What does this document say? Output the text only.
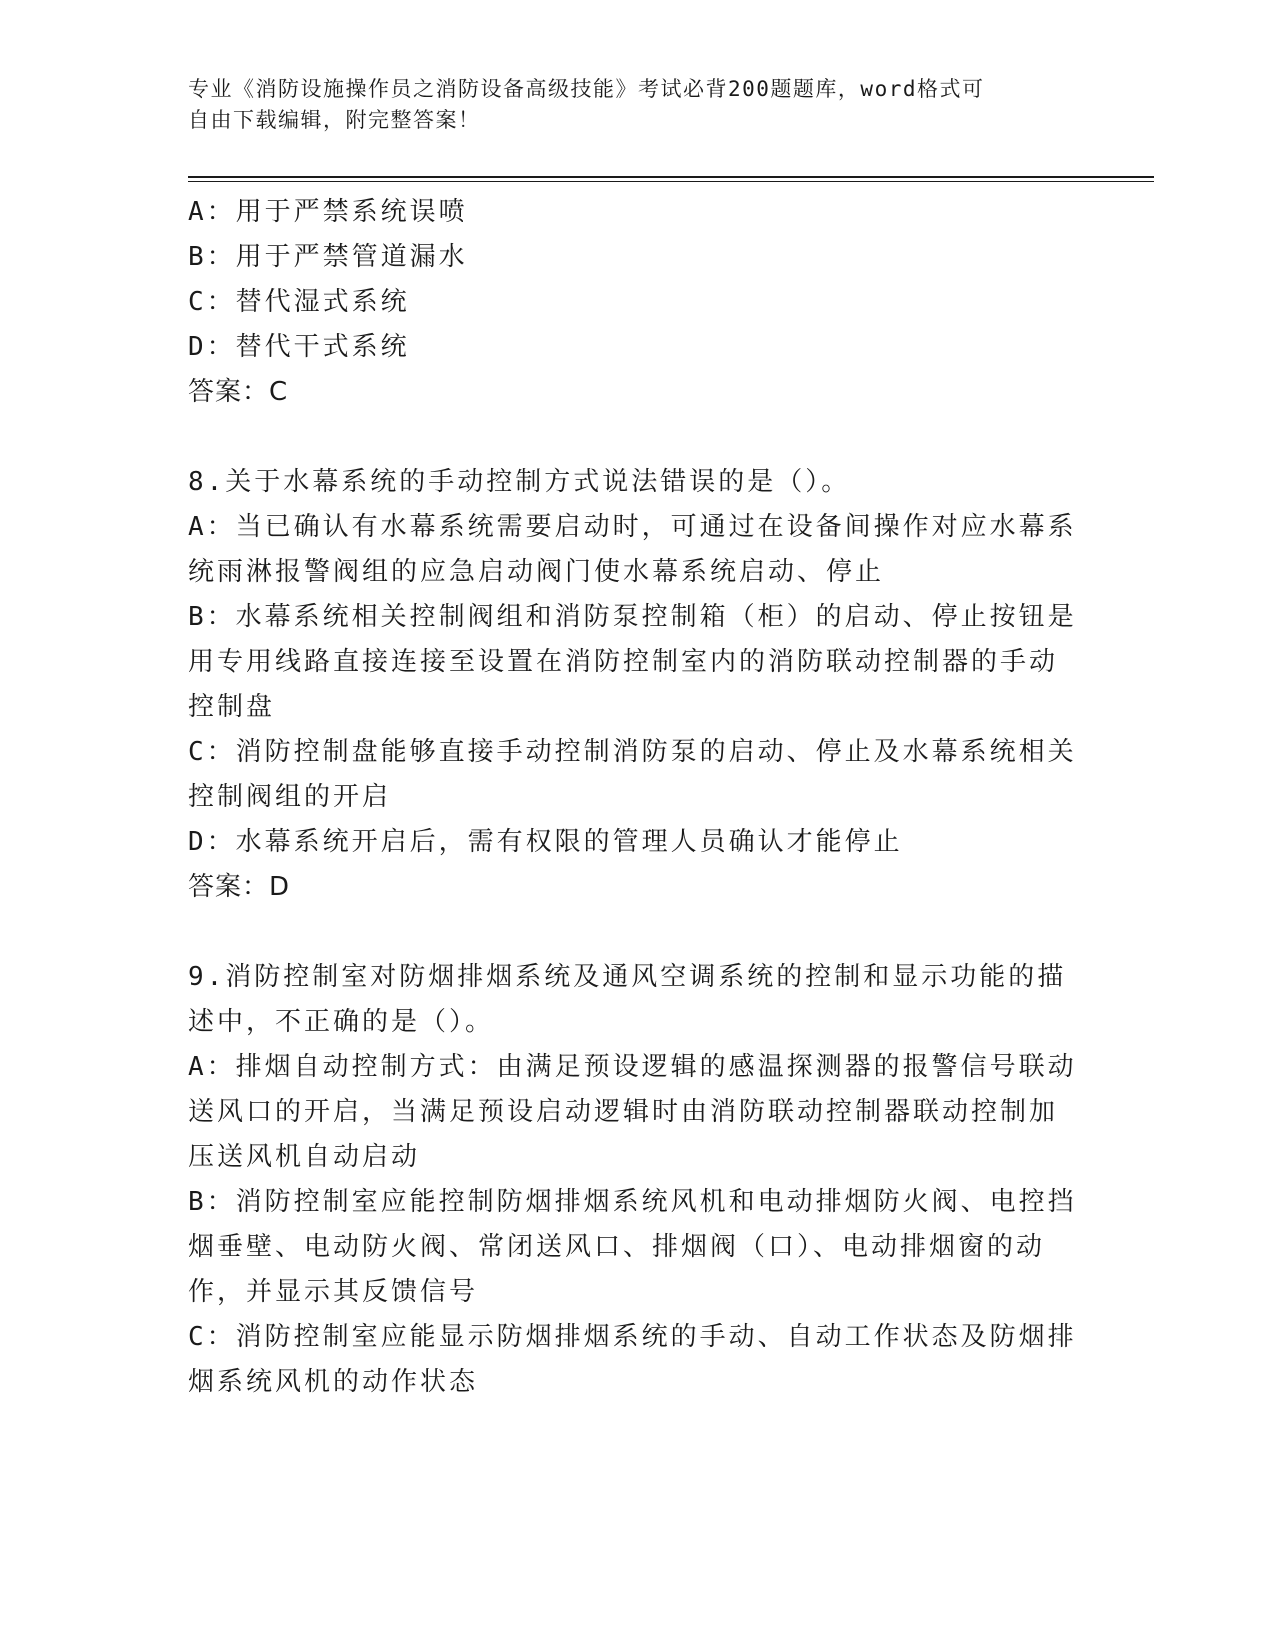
专业《消防设施操作员之消防设备高级技能》考试必背200题题库，word格式可
自由下载编辑，附完整答案！

A：用于严禁系统误喷

B：用于严禁管道漏水

C：替代湿式系统

D：替代干式系统

答案：C

8.关于水幕系统的手动控制方式说法错误的是（）。

A：当已确认有水幕系统需要启动时，可通过在设备间操作对应水幕系

统雨淋报警阀组的应急启动阀门使水幕系统启动、停止

B：水幕系统相关控制阀组和消防泵控制箱（柜）的启动、停止按钮是

用专用线路直接连接至设置在消防控制室内的消防联动控制器的手动

控制盘

C：消防控制盘能够直接手动控制消防泵的启动、停止及水幕系统相关

控制阀组的开启

D：水幕系统开启后，需有权限的管理人员确认才能停止

答案：D

9.消防控制室对防烟排烟系统及通风空调系统的控制和显示功能的描

述中，不正确的是（）。

A：排烟自动控制方式：由满足预设逻辑的感温探测器的报警信号联动

送风口的开启，当满足预设启动逻辑时由消防联动控制器联动控制加

压送风机自动启动

B：消防控制室应能控制防烟排烟系统风机和电动排烟防火阀、电控挡

烟垂壁、电动防火阀、常闭送风口、排烟阀（口）、电动排烟窗的动

作，并显示其反馈信号

C：消防控制室应能显示防烟排烟系统的手动、自动工作状态及防烟排

烟系统风机的动作状态
